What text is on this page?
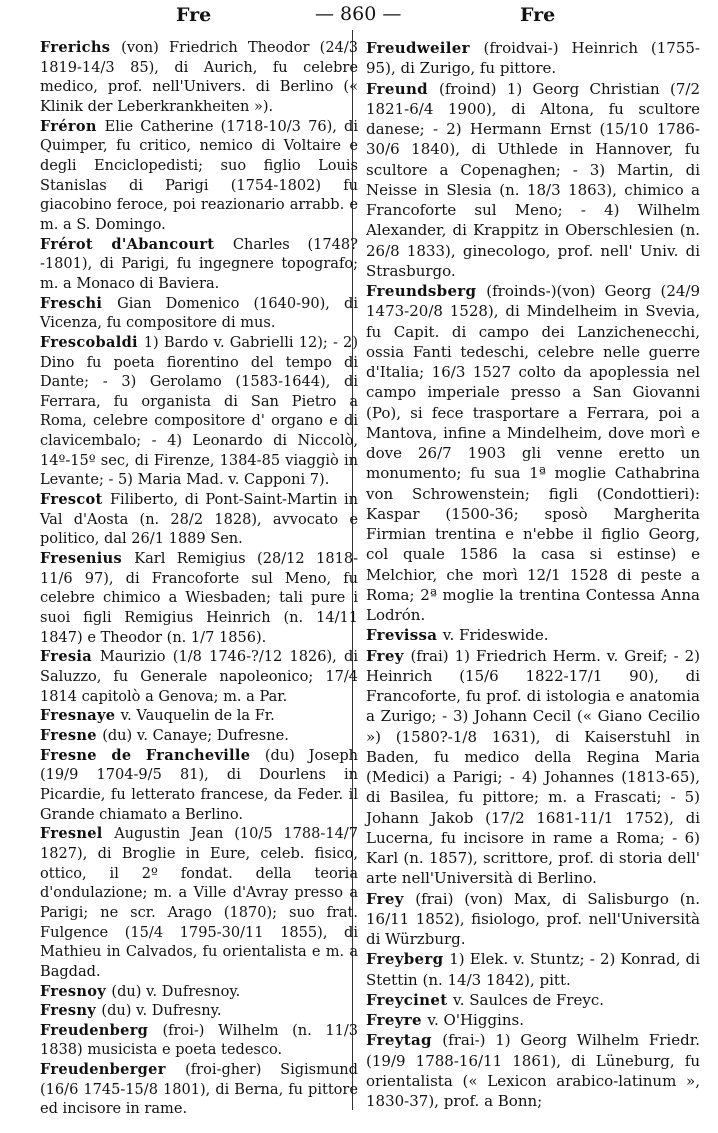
Fre	— 860 —	Fre

Frerichs (von) Friedrich Theodor (24/3 1819-14/3 85), di Aurich, fu celebre medico, prof. nell'Univers. di Berlino (« Klinik der Leberkrankheiten »).

Fréron Elie Catherine (1718-10/3 76), di Quimper, fu critico, nemico di Voltaire e degli Enciclopedisti; suo figlio Louis Stanislas di Parigi (1754-1802) fu giacobino feroce, poi reazionario arrabb. e m. a S. Domingo.

Frérot d'Abancourt Charles (1748?-1801), di Parigi, fu ingegnere topografo; m. a Monaco di Baviera.

Freschi Gian Domenico (1640-90), di Vicenza, fu compositore di mus.

Frescobaldi 1) Bardo v. Gabrielli 12); - 2) Dino fu poeta fiorentino del tempo di Dante; - 3) Gerolamo (1583-1644), di Ferrara, fu organista di San Pietro a Roma, celebre compositore d' organo e di clavicembalo; - 4) Leonardo di Niccolò, 14º-15º sec, di Firenze, 1384-85 viaggiò in Levante; - 5) Maria Mad. v. Capponi 7).

Frescot Filiberto, di Pont-Saint-Martin in Val d'Aosta (n. 28/2 1828), avvocato e politico, dal 26/1 1889 Sen.

Fresenius Karl Remigius (28/12 1818-11/6 97), di Francoforte sul Meno, fu celebre chimico a Wiesbaden; tali pure i suoi figli Remigius Heinrich (n. 14/11 1847) e Theodor (n. 1/7 1856).

Fresia Maurizio (1/8 1746-?/12 1826), di Saluzzo, fu Generale napoleonico; 17/4 1814 capitolò a Genova; m. a Par.

Fresnaye v. Vauquelin de la Fr.

Fresne (du) v. Canaye; Dufresne.

Fresne de Francheville (du) Joseph (19/9 1704-9/5 81), di Dourlens in Picardie, fu letterato francese, da Feder. il Grande chiamato a Berlino.

Fresnel Augustin Jean (10/5 1788-14/7 1827), di Broglie in Eure, celeb. fisico, ottico, il 2º fondat. della teoria d'ondulazione; m. a Ville d'Avray presso a Parigi; ne scr. Arago (1870); suo frat. Fulgence (15/4 1795-30/11 1855), di Mathieu in Calvados, fu orientalista e m. a Bagdad.

Fresnoy (du) v. Dufresnoy.

Fresny (du) v. Dufresny.

Freudenberg (froi-) Wilhelm (n. 11/3 1838) musicista e poeta tedesco.

Freudenberger (froi-gher) Sigismund (16/6 1745-15/8 1801), di Berna, fu pittore ed incisore in rame.

Freudweiler (froidvai-) Heinrich (1755-95), di Zurigo, fu pittore.

Freund (froind) 1) Georg Christian (7/2 1821-6/4 1900), di Altona, fu scultore danese; - 2) Hermann Ernst (15/10 1786-30/6 1840), di Uthlede in Hannover, fu scultore a Copenaghen; - 3) Martin, di Neisse in Slesia (n. 18/3 1863), chimico a Francoforte sul Meno; - 4) Wilhelm Alexander, di Krappitz in Oberschlesien (n. 26/8 1833), ginecologo, prof. nell' Univ. di Strasburgo.

Freundsberg (froinds-)(von) Georg (24/9 1473-20/8 1528), di Mindelheim in Svevia, fu Capit. di campo dei Lanzichenecchi, ossia Fanti tedeschi, celebre nelle guerre d'Italia; 16/3 1527 colto da apoplessia nel campo imperiale presso a San Giovanni (Po), si fece trasportare a Ferrara, poi a Mantova, infine a Mindelheim, dove morì e dove 26/7 1903 gli venne eretto un monumento; fu sua 1ª moglie Cathabrina von Schrowenstein; figli (Condottieri): Kaspar (1500-36; sposò Margherita Firmian trentina e n'ebbe il figlio Georg, col quale 1586 la casa si estinse) e Melchior, che morì 12/1 1528 di peste a Roma; 2ª moglie la trentina Contessa Anna Lodrón.

Frevissa v. Frideswide.

Frey (frai) 1) Friedrich Herm. v. Greif; - 2) Heinrich (15/6 1822-17/1 90), di Francoforte, fu prof. di istologia e anatomia a Zurigo; - 3) Johann Cecil (« Giano Cecilio ») (1580?-1/8 1631), di Kaiserstuhl in Baden, fu medico della Regina Maria (Medici) a Parigi; - 4) Johannes (1813-65), di Basilea, fu pittore; m. a Frascati; - 5) Johann Jakob (17/2 1681-11/1 1752), di Lucerna, fu incisore in rame a Roma; - 6) Karl (n. 1857), scrittore, prof. di storia dell' arte nell'Università di Berlino.

Frey (frai) (von) Max, di Salisburgo (n. 16/11 1852), fisiologo, prof. nell'Università di Würzburg.

Freyberg 1) Elek. v. Stuntz; - 2) Konrad, di Stettin (n. 14/3 1842), pitt.

Freycinet v. Saulces de Freyc.

Freyre v. O'Higgins.

Freytag (frai-) 1) Georg Wilhelm Friedr. (19/9 1788-16/11 1861), di Lüneburg, fu orientalista (« Lexicon arabico-latinum », 1830-37), prof. a Bonn;
